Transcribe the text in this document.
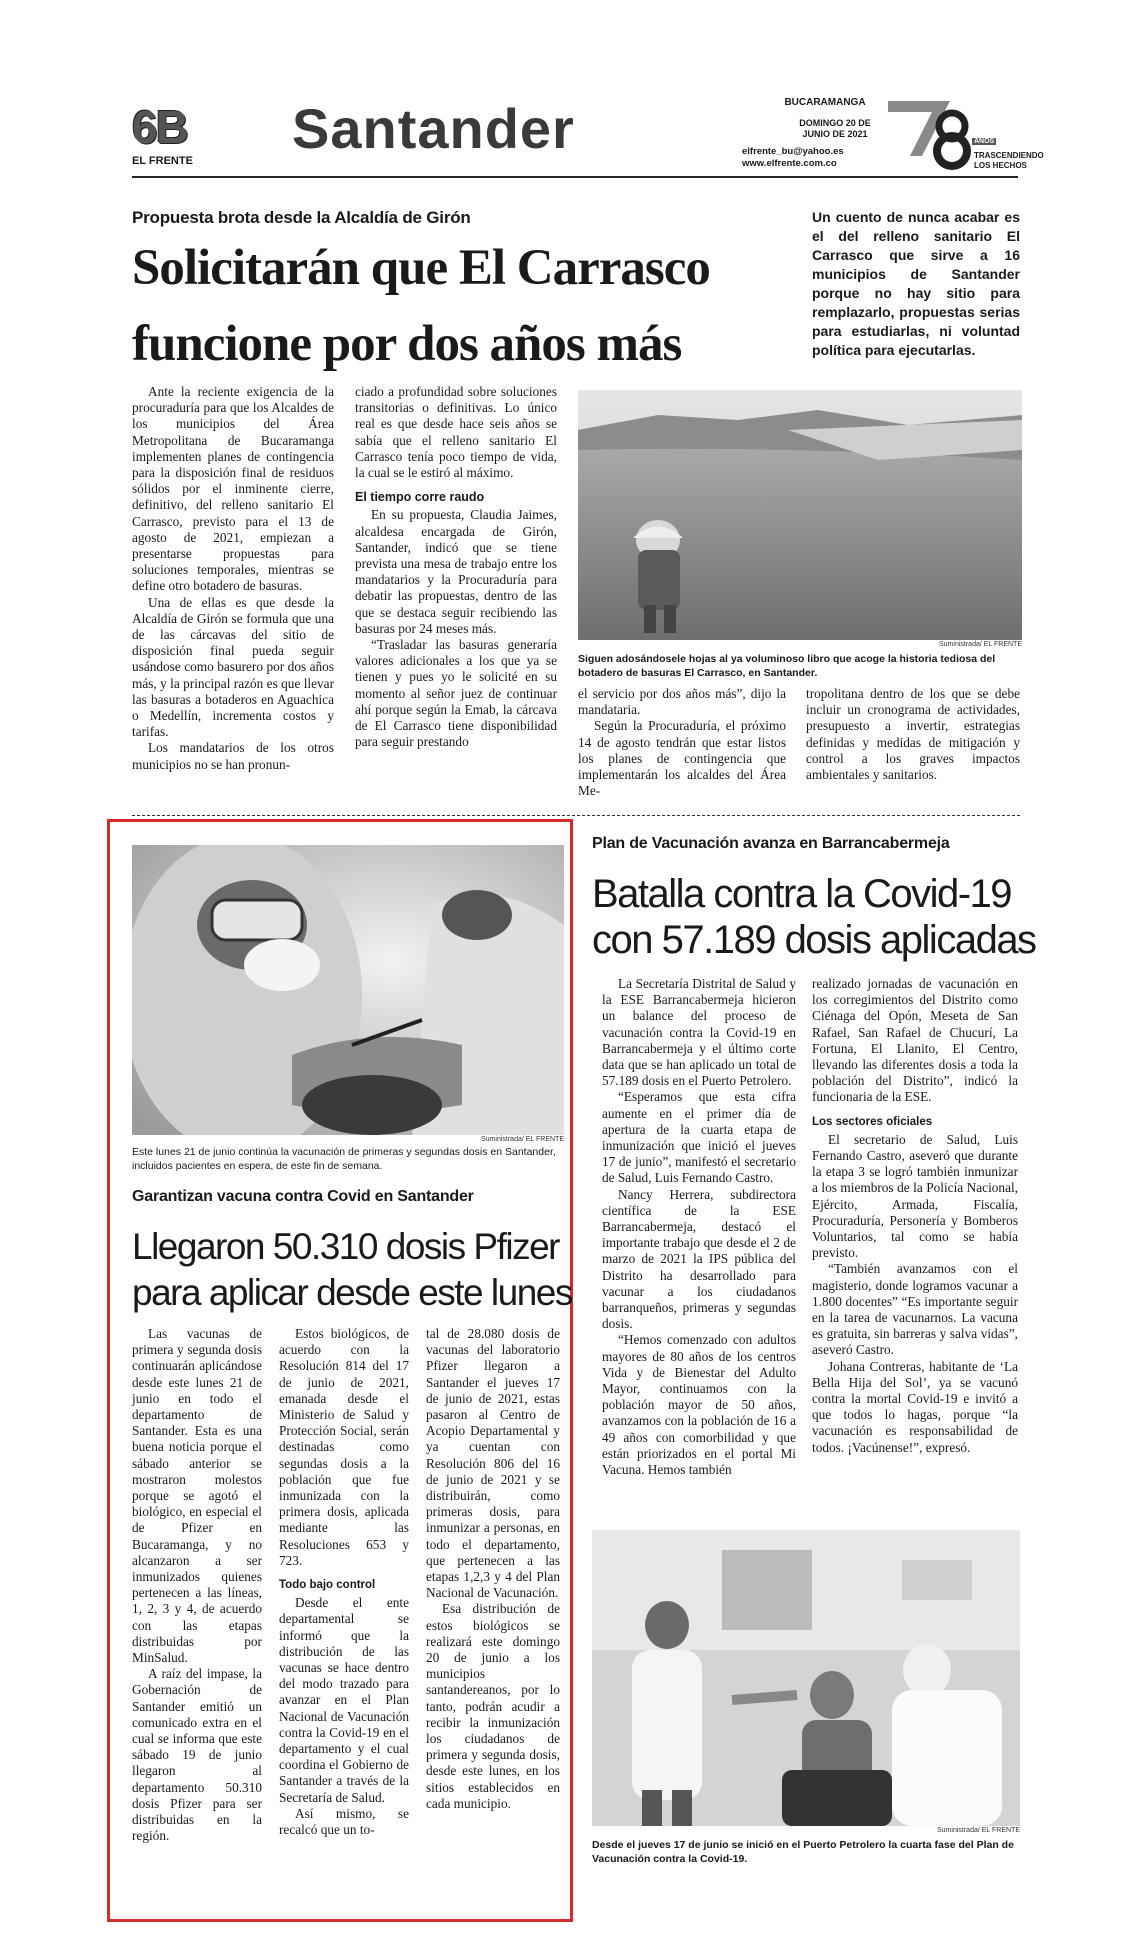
6B
EL FRENTE
Santander	BUCARAMANGA
DOMINGO 20 DE JUNIO DE 2021
elfrente_bu@yahoo.es
www.elfrente.com.co
AÑOS
TRASCENDIENDO LOS HECHOS
Propuesta brota desde la Alcaldía de Girón
Solicitarán que El Carrasco
funcione por dos años más
Un cuento de nunca acabar es el del relleno sanitario El Carrasco que sirve a 16 municipios de Santander porque no hay sitio para remplazarlo, propuestas serias para estudiarlas, ni voluntad política para ejecutarlas.

Ante la reciente exigencia de la procuraduría para que los Alcaldes de los municipios del Área Metropolitana de Bucaramanga implementen planes de contingencia para la disposición final de residuos sólidos por el inminente cierre, definitivo, del relleno sanitario El Carrasco, previsto para el 13 de agosto de 2021, empiezan a presentarse propuestas para soluciones temporales, mientras se define otro botadero de basuras.

Una de ellas es que desde la Alcaldía de Girón se formula que una de las cárcavas del sitio de disposición final pueda seguir usándose como basurero por dos años más, y la principal razón es que llevar las basuras a botaderos en Aguachica o Medellín, incrementa costos y tarifas.

Los mandatarios de los otros municipios no se han pronun-

ciado a profundidad sobre soluciones transitorias o definitivas. Lo único real es que desde hace seis años se sabía que el relleno sanitario El Carrasco tenía poco tiempo de vida, la cual se le estiró al máximo.

El tiempo corre raudo

En su propuesta, Claudia Jaimes, alcaldesa encargada de Girón, Santander, indicó que se tiene prevista una mesa de trabajo entre los mandatarios y la Procuraduría para debatir las propuestas, dentro de las que se destaca seguir recibiendo las basuras por 24 meses más.

“Trasladar las basuras generaría valores adicionales a los que ya se tienen y pues yo le solicité en su momento al señor juez de continuar ahí porque según la Emab, la cárcava de El Carrasco tiene disponibilidad para seguir prestando

Suministrada/ EL FRENTE
Siguen adosándosele hojas al ya voluminoso libro que acoge la historia tediosa del botadero de basuras El Carrasco, en Santander.

el servicio por dos años más”, dijo la mandataria.

Según la Procuraduría, el próximo 14 de agosto tendrán que estar listos los planes de contingencia que implementarán los alcaldes del Área Me-

tropolitana dentro de los que se debe incluir un cronograma de actividades, presupuesto a invertir, estrategias definidas y medidas de mitigación y control a los graves impactos ambientales y sanitarios.

Suministrada/ EL FRENTE
Este lunes 21 de junio continúa la vacunación de primeras y segundas dosis en Santander, incluidos pacientes en espera, de este fin de semana.
Garantizan vacuna contra Covid en Santander
Llegaron 50.310 dosis Pfizer
para aplicar desde este lunes

Las vacunas de primera y segunda dosis continuarán aplicándose desde este lunes 21 de junio en todo el departamento de Santander. Esta es una buena noticia porque el sábado anterior se mostraron molestos porque se agotó el biológico, en especial el de Pfizer en Bucaramanga, y no alcanzaron a ser inmunizados quienes pertenecen a las líneas, 1, 2, 3 y 4, de acuerdo con las etapas distribuidas por MinSalud.

A raíz del impase, la Gobernación de Santander emitió un comunicado extra en el cual se informa que este sábado 19 de junio llegaron al departamento 50.310 dosis Pfizer para ser distribuidas en la región.

Estos biológicos, de acuerdo con la Resolución 814 del 17 de junio de 2021, emanada desde el Ministerio de Salud y Protección Social, serán destinadas como segundas dosis a la población que fue inmunizada con la primera dosis, aplicada mediante las Resoluciones 653 y 723.

Todo bajo control

Desde el ente departamental se informó que la distribución de las vacunas se hace dentro del modo trazado para avanzar en el Plan Nacional de Vacunación contra la Covid-19 en el departamento y el cual coordina el Gobierno de Santander a través de la Secretaría de Salud.

Así mismo, se recalcó que un to-

tal de 28.080 dosis de vacunas del laboratorio Pfizer llegaron a Santander el jueves 17 de junio de 2021, estas pasaron al Centro de Acopio Departamental y ya cuentan con Resolución 806 del 16 de junio de 2021 y se distribuirán, como primeras dosis, para inmunizar a personas, en todo el departamento, que pertenecen a las etapas 1,2,3 y 4 del Plan Nacional de Vacunación.

Esa distribución de estos biológicos se realizará este domingo 20 de junio a los municipios santandereanos, por lo tanto, podrán acudir a recibir la inmunización los ciudadanos de primera y segunda dosis, desde este lunes, en los sitios establecidos en cada municipio.

Plan de Vacunación avanza en Barrancabermeja
Batalla contra la Covid-19
con 57.189 dosis aplicadas

La Secretaría Distrital de Salud y la ESE Barrancabermeja hicieron un balance del proceso de vacunación contra la Covid-19 en Barrancabermeja y el último corte data que se han aplicado un total de 57.189 dosis en el Puerto Petrolero.

“Esperamos que esta cifra aumente en el primer día de apertura de la cuarta etapa de inmunización que inició el jueves 17 de junio”, manifestó el secretario de Salud, Luis Fernando Castro.

Nancy Herrera, subdirectora científica de la ESE Barrancabermeja, destacó el importante trabajo que desde el 2 de marzo de 2021 la IPS pública del Distrito ha desarrollado para vacunar a los ciudadanos barranqueños, primeras y segundas dosis.

“Hemos comenzado con adultos mayores de 80 años de los centros Vida y de Bienestar del Adulto Mayor, continuamos con la población mayor de 50 años, avanzamos con la población de 16 a 49 años con comorbilidad y que están priorizados en el portal Mi Vacuna. Hemos también

realizado jornadas de vacunación en los corregimientos del Distrito como Ciénaga del Opón, Meseta de San Rafael, San Rafael de Chucurí, La Fortuna, El Llanito, El Centro, llevando las diferentes dosis a toda la población del Distrito”, indicó la funcionaria de la ESE.

Los sectores oficiales

El secretario de Salud, Luis Fernando Castro, aseveró que durante la etapa 3 se logró también inmunizar a los miembros de la Policía Nacional, Ejército, Armada, Fiscalía, Procuraduría, Personería y Bomberos Voluntarios, tal como se había previsto.

“También avanzamos con el magisterio, donde logramos vacunar a 1.800 docentes” “Es importante seguir en la tarea de vacunarnos. La vacuna es gratuita, sin barreras y salva vidas”, aseveró Castro.

Johana Contreras, habitante de ‘La Bella Hija del Sol’, ya se vacunó contra la mortal Covid-19 e invitó a que todos lo hagas, porque “la vacunación es responsabilidad de todos. ¡Vacúnense!”, expresó.

Suministrada/ EL FRENTE
Desde el jueves 17 de junio se inició en el Puerto Petrolero la cuarta fase del Plan de Vacunación contra la Covid-19.
